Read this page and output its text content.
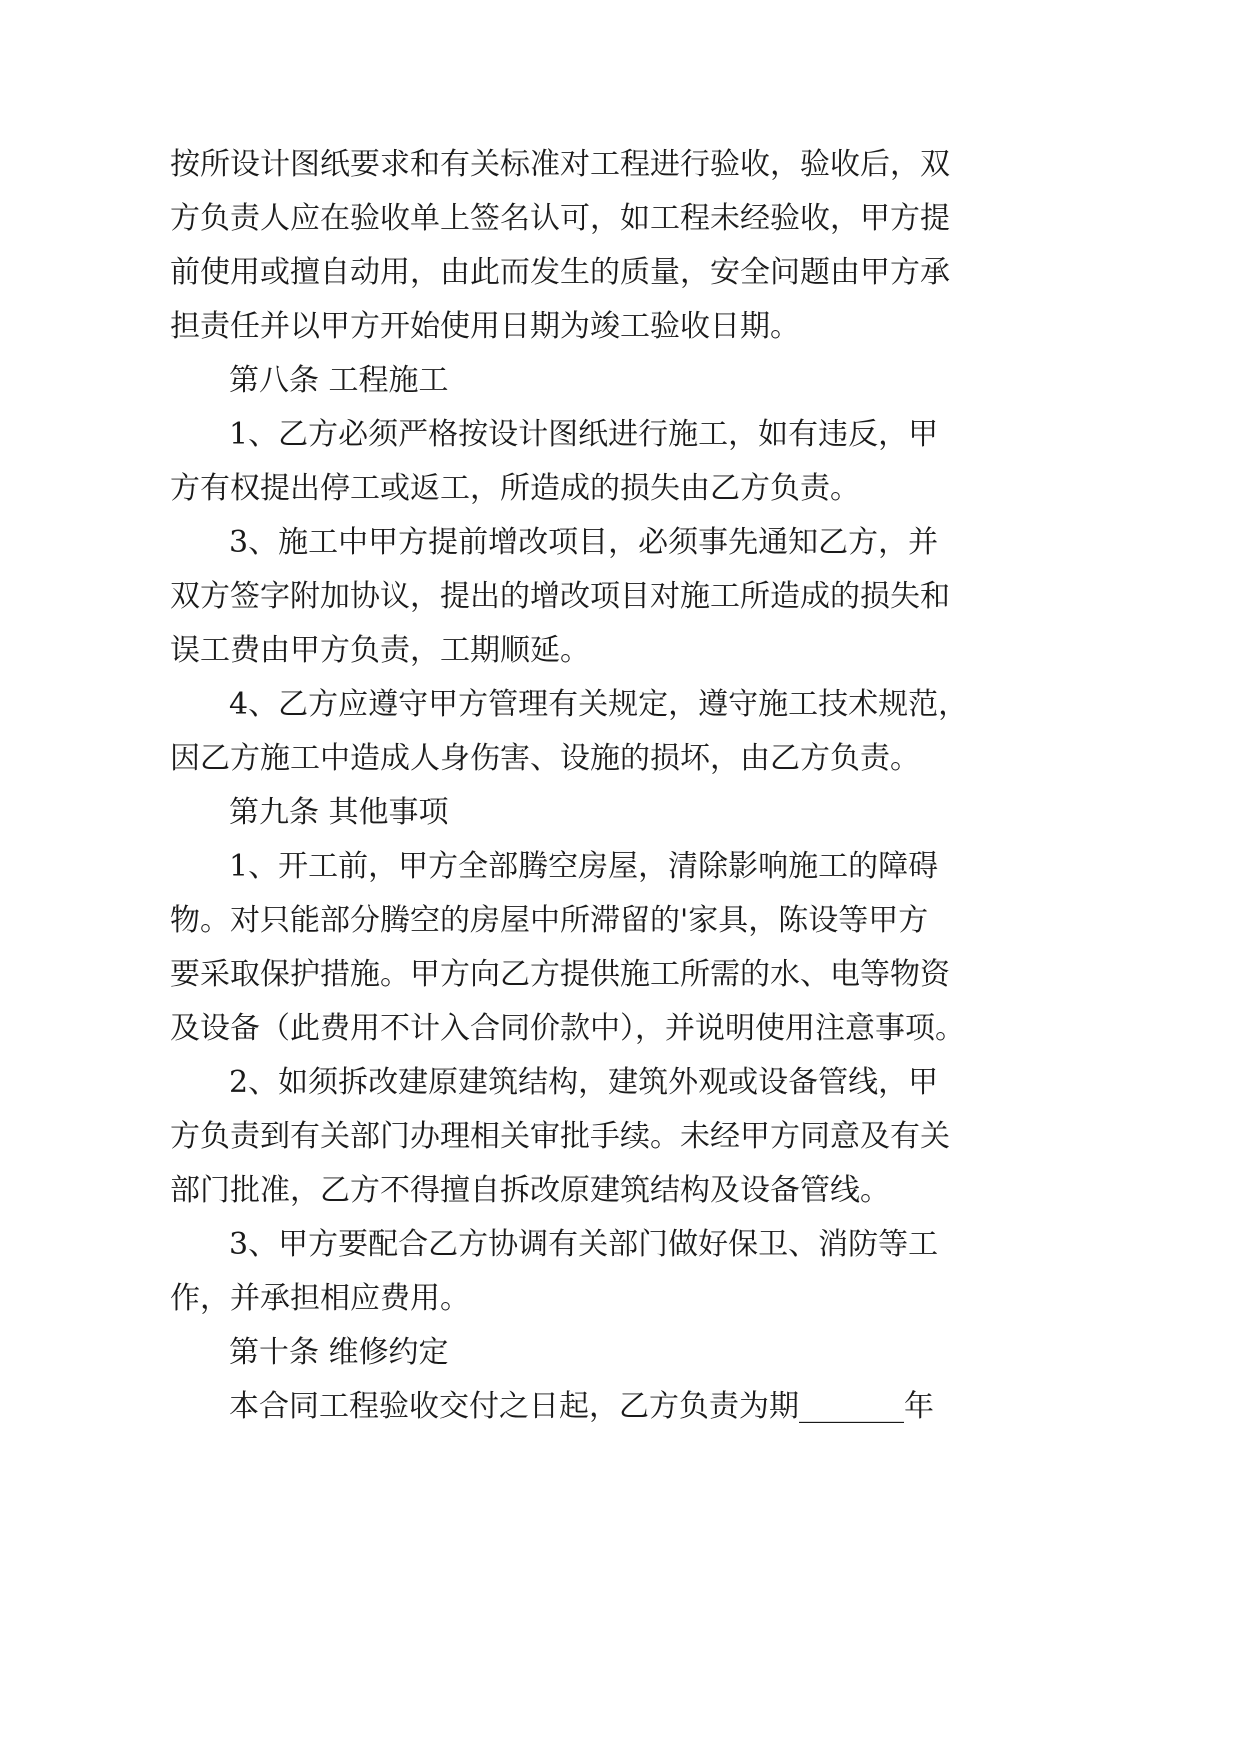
按所设计图纸要求和有关标准对工程进行验收，验收后，双
方负责人应在验收单上签名认可，如工程未经验收，甲方提
前使用或擅自动用，由此而发生的质量，安全问题由甲方承
担责任并以甲方开始使用日期为竣工验收日期。
第八条 工程施工
1、乙方必须严格按设计图纸进行施工，如有违反，甲
方有权提出停工或返工，所造成的损失由乙方负责。
3、施工中甲方提前增改项目，必须事先通知乙方，并
双方签字附加协议，提出的增改项目对施工所造成的损失和
误工费由甲方负责，工期顺延。
4、乙方应遵守甲方管理有关规定，遵守施工技术规范，
因乙方施工中造成人身伤害、设施的损坏，由乙方负责。
第九条 其他事项
1、开工前，甲方全部腾空房屋，清除影响施工的障碍
物。对只能部分腾空的房屋中所滞留的'家具，陈设等甲方
要采取保护措施。甲方向乙方提供施工所需的水、电等物资
及设备（此费用不计入合同价款中），并说明使用注意事项。
2、如须拆改建原建筑结构，建筑外观或设备管线，甲
方负责到有关部门办理相关审批手续。未经甲方同意及有关
部门批准，乙方不得擅自拆改原建筑结构及设备管线。
3、甲方要配合乙方协调有关部门做好保卫、消防等工
作，并承担相应费用。
第十条 维修约定
本合同工程验收交付之日起，乙方负责为期_______年
